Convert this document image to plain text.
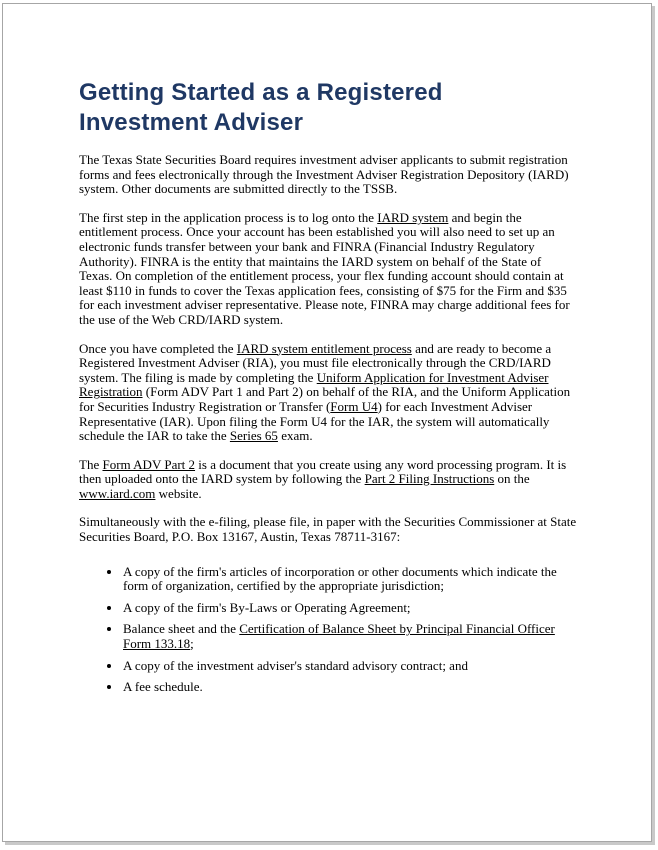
Getting Started as a Registered Investment Adviser

The Texas State Securities Board requires investment adviser applicants to submit registration forms and fees electronically through the Investment Adviser Registration Depository (IARD) system. Other documents are submitted directly to the TSSB.

The first step in the application process is to log onto the IARD system and begin the entitlement process. Once your account has been established you will also need to set up an electronic funds transfer between your bank and FINRA (Financial Industry Regulatory Authority). FINRA is the entity that maintains the IARD system on behalf of the State of Texas. On completion of the entitlement process, your flex funding account should contain at least $110 in funds to cover the Texas application fees, consisting of $75 for the Firm and $35 for each investment adviser representative. Please note, FINRA may charge additional fees for the use of the Web CRD/IARD system.

Once you have completed the IARD system entitlement process and are ready to become a Registered Investment Adviser (RIA), you must file electronically through the CRD/IARD system. The filing is made by completing the Uniform Application for Investment Adviser Registration (Form ADV Part 1 and Part 2) on behalf of the RIA, and the Uniform Application for Securities Industry Registration or Transfer (Form U4) for each Investment Adviser Representative (IAR). Upon filing the Form U4 for the IAR, the system will automatically schedule the IAR to take the Series 65 exam.

The Form ADV Part 2 is a document that you create using any word processing program. It is then uploaded onto the IARD system by following the Part 2 Filing Instructions on the www.iard.com website.

Simultaneously with the e-filing, please file, in paper with the Securities Commissioner at State Securities Board, P.O. Box 13167, Austin, Texas 78711-3167:

• A copy of the firm's articles of incorporation or other documents which indicate the form of organization, certified by the appropriate jurisdiction;
• A copy of the firm's By-Laws or Operating Agreement;
• Balance sheet and the Certification of Balance Sheet by Principal Financial Officer Form 133.18;
• A copy of the investment adviser's standard advisory contract; and
• A fee schedule.
